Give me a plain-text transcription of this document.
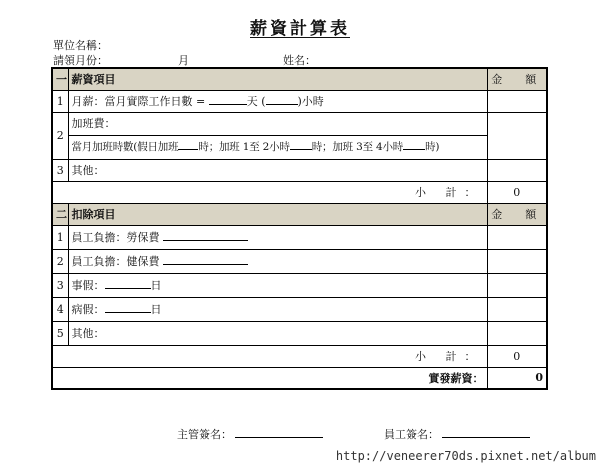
薪資計算表
單位名稱：
請領月份：	月	姓名：
一	薪資項目	金　額
1	月薪：當月實際工作日數 = 天 ( )小時	
2	加班費：
當月加班時數(假日加班 時；加班 1至 2小時 時；加班 3至 4小時 時)	

3	其他：	
小 計：		0
二	扣除項目	金　額
1	員工負擔：勞保費	
2	員工負擔：健保費	
3	事假： 日	
4	病假： 日	
5	其他：	
小 計：		0
實發薪資：		0
主管簽名：	員工簽名：
http://veneerer70ds.pixnet.net/album
